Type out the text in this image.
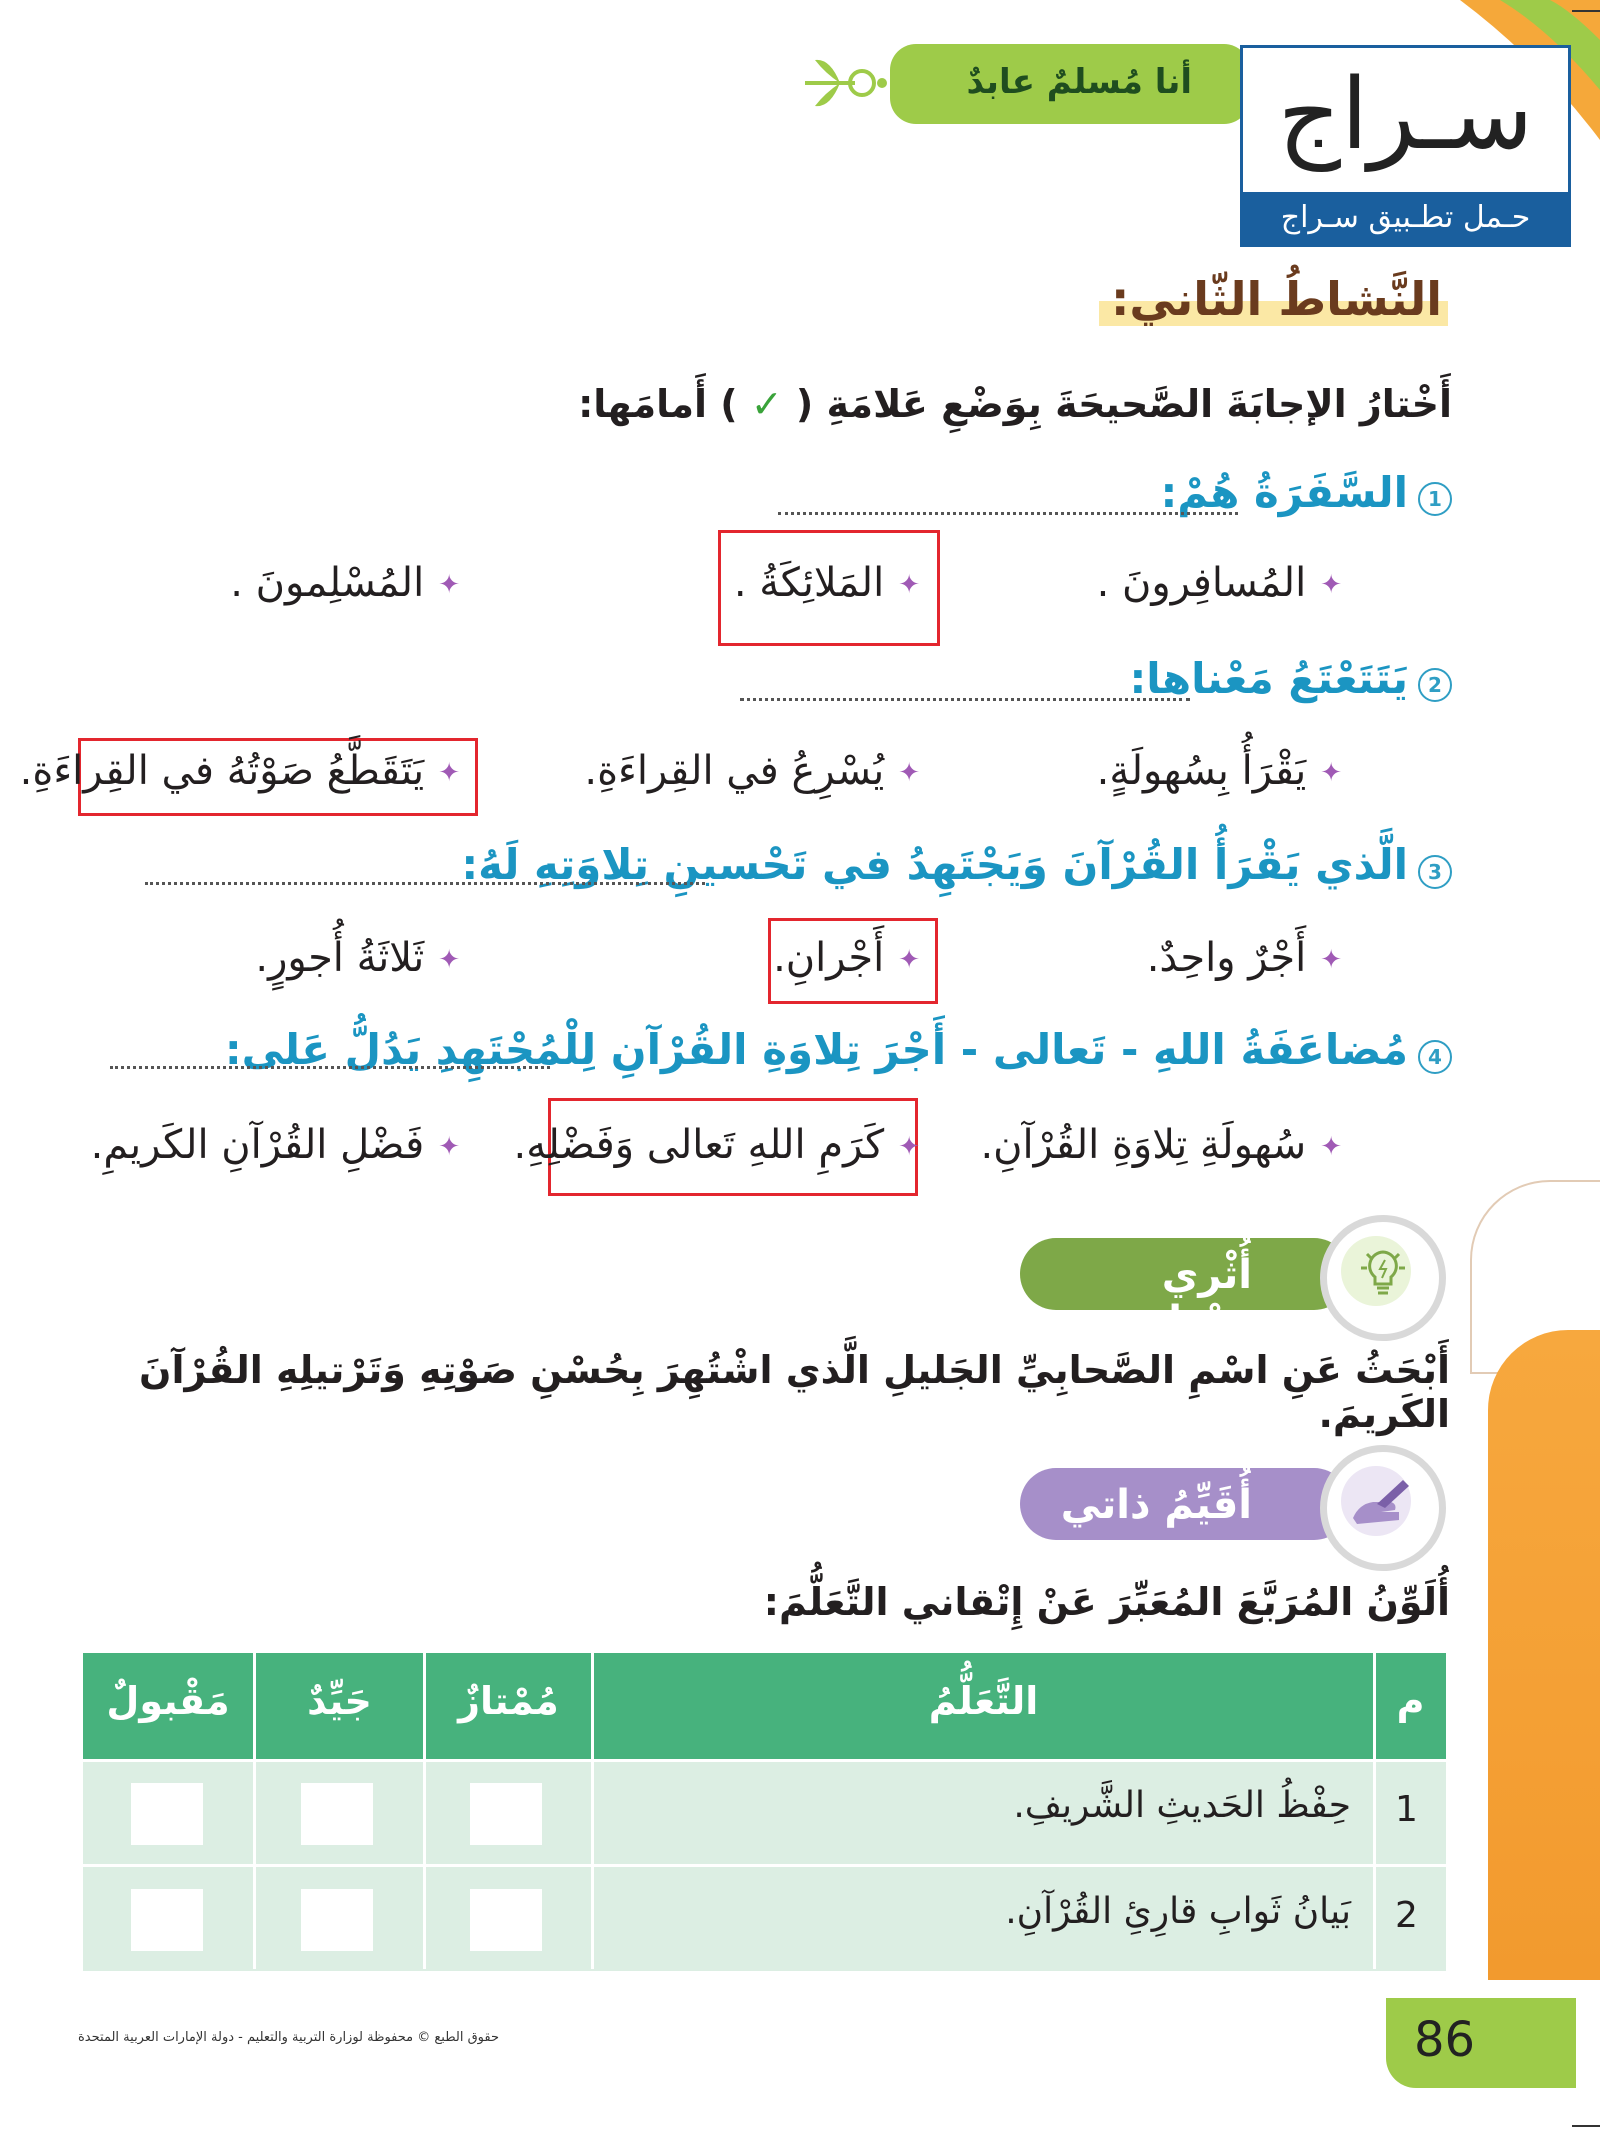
أنا مُسلمٌ عابدٌ سـراج
حـمل تطـبيق سـراج
النَّشاطُ الثّاني:
أَخْتارُ الإجابَةَ الصَّحيحَةَ بِوَضْعِ عَلامَةِ ( ✓ ) أَمامَها:
1
السَّفَرَةُ هُمْ:
✦المُسافِرونَ .
✦المَلائِكَةُ .
✦المُسْلِمونَ .
2
يَتَتَعْتَعُ مَعْناها:
✦يَقْرَأُ بِسُهولَةٍ.
✦يُسْرِعُ في القِراءَةِ.
✦يَتَقَطَّعُ صَوْتُهُ في القِراءَةِ.
3
الَّذي يَقْرَأُ القُرْآنَ وَيَجْتَهِدُ في تَحْسينِ تِلاوَتِهِ لَهُ:
✦أَجْرٌ واحِدٌ.
✦أَجْرانِ.
✦ثَلاثَةُ أُجورٍ.
4
مُضاعَفَةُ اللهِ - تَعالى - أَجْرَ تِلاوَةِ القُرْآنِ لِلْمُجْتَهِدِ يَدُلُّ عَلى:
✦سُهولَةِ تِلاوَةِ القُرْآنِ.
✦كَرَمِ اللهِ تَعالى وَفَضْلِهِ.
✦فَضْلِ القُرْآنِ الكَريمِ.
أُثْري خِبْراتي
أَبْحَثُ عَنِ اسْمِ الصَّحابِيِّ الجَليلِ الَّذي اشْتُهِرَ بِحُسْنِ صَوْتِهِ وَتَرْتيلِهِ القُرْآنَ الكَريمَ.
أُقَيِّمُ ذاتي
أُلَوِّنُ المُرَبَّعَ المُعَبِّرَ عَنْ إِتْقاني التَّعَلُّمَ:
م
التَّعَلُّمُ
مُمْتازٌ
جَيِّدٌ
مَقْبولٌ
1
حِفْظُ الحَديثِ الشَّريفِ.
2
بَيانُ ثَوابِ قارِئِ القُرْآنِ.
حقوق الطبع © محفوظة لوزارة التربية والتعليم - دولة الإمارات العربية المتحدة	86
